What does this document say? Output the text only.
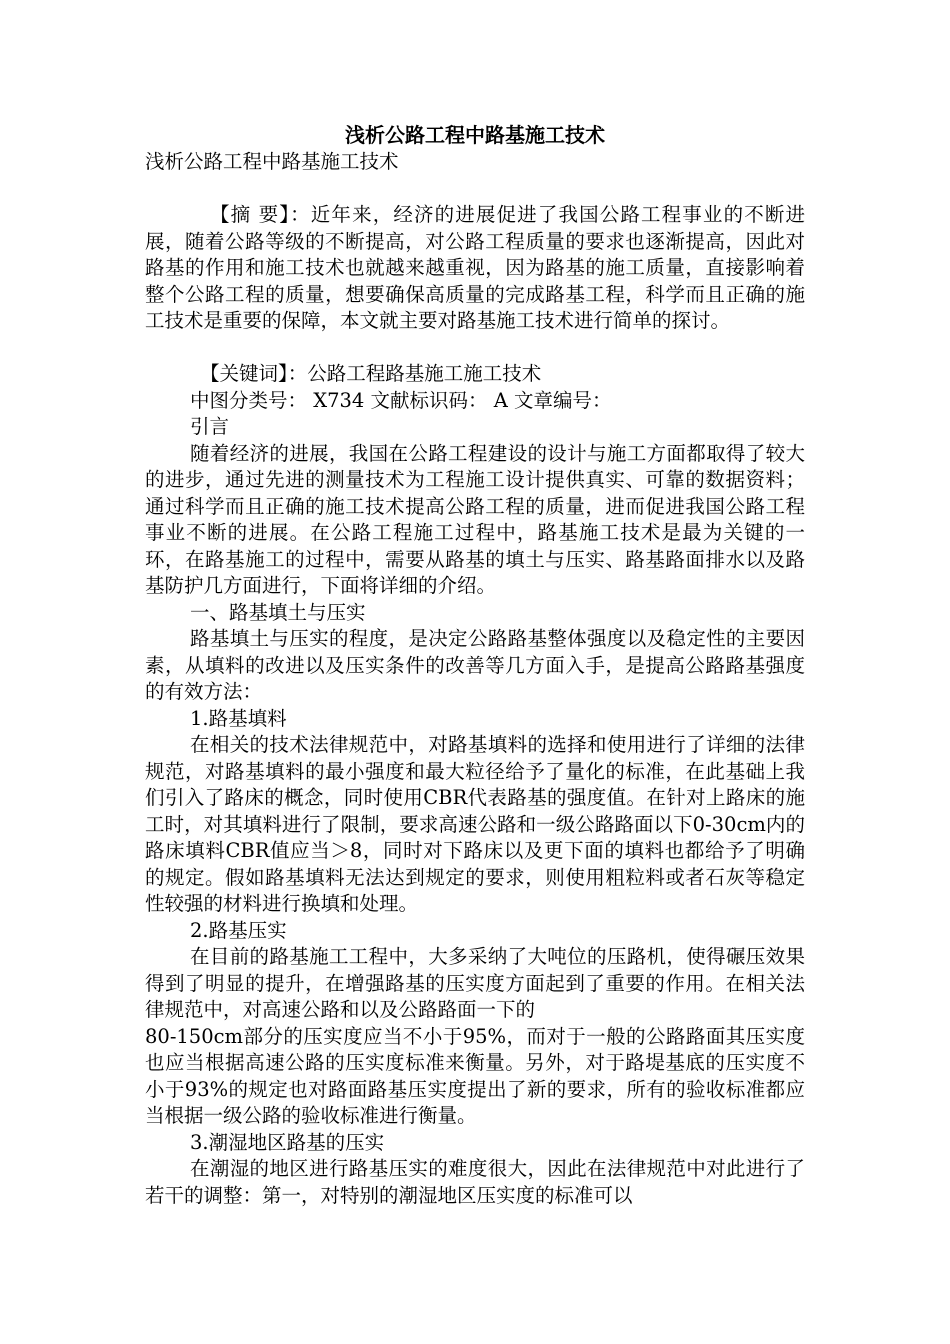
浅析公路工程中路基施工技术

浅析公路工程中路基施工技术

【摘 要】：近年来，经济的进展促进了我国公路工程事业的不断进展，随着公路等级的不断提高，对公路工程质量的要求也逐渐提高，因此对路基的作用和施工技术也就越来越重视，因为路基的施工质量，直接影响着整个公路工程的质量，想要确保高质量的完成路基工程，科学而且正确的施工技术是重要的保障，本文就主要对路基施工技术进行简单的探讨。

【关键词】：公路工程路基施工施工技术

中图分类号： X734 文献标识码： A 文章编号：

引言

随着经济的进展，我国在公路工程建设的设计与施工方面都取得了较大的进步，通过先进的测量技术为工程施工设计提供真实、可靠的数据资料；通过科学而且正确的施工技术提高公路工程的质量，进而促进我国公路工程事业不断的进展。在公路工程施工过程中，路基施工技术是最为关键的一环，在路基施工的过程中，需要从路基的填土与压实、路基路面排水以及路基防护几方面进行，下面将详细的介绍。

一、路基填土与压实

路基填土与压实的程度，是决定公路路基整体强度以及稳定性的主要因素，从填料的改进以及压实条件的改善等几方面入手，是提高公路路基强度的有效方法：

1.路基填料

在相关的技术法律规范中，对路基填料的选择和使用进行了详细的法律规范，对路基填料的最小强度和最大粒径给予了量化的标准，在此基础上我们引入了路床的概念，同时使用CBR代表路基的强度值。在针对上路床的施工时，对其填料进行了限制，要求高速公路和一级公路路面以下0-30cm内的路床填料CBR值应当＞8，同时对下路床以及更下面的填料也都给予了明确的规定。假如路基填料无法达到规定的要求，则使用粗粒料或者石灰等稳定性较强的材料进行换填和处理。

2.路基压实

在目前的路基施工工程中，大多采纳了大吨位的压路机，使得碾压效果得到了明显的提升，在增强路基的压实度方面起到了重要的作用。在相关法律规范中，对高速公路和以及公路路面一下的

80-150cm部分的压实度应当不小于95%，而对于一般的公路路面其压实度也应当根据高速公路的压实度标准来衡量。另外，对于路堤基底的压实度不小于93%的规定也对路面路基压实度提出了新的要求，所有的验收标准都应当根据一级公路的验收标准进行衡量。

3.潮湿地区路基的压实

在潮湿的地区进行路基压实的难度很大，因此在法律规范中对此进行了若干的调整：第一，对特别的潮湿地区压实度的标准可以
